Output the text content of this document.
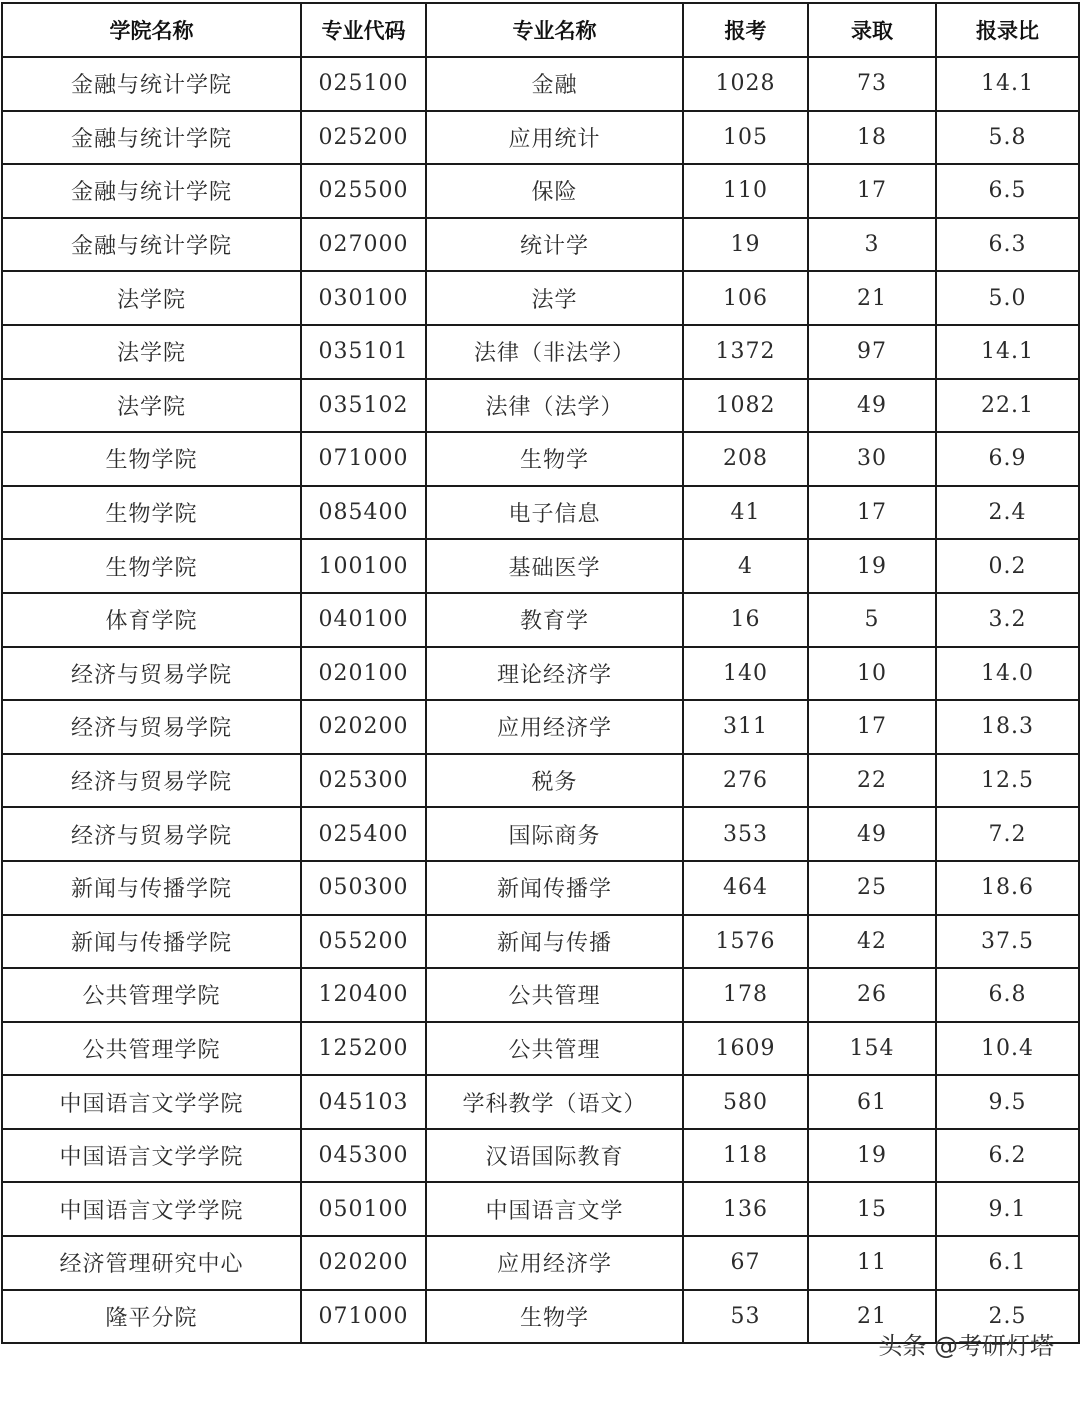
学院名称	专业代码	专业名称	报考	录取	报录比
金融与统计学院	025100	金融	1028	73	14.1
金融与统计学院	025200	应用统计	105	18	5.8
金融与统计学院	025500	保险	110	17	6.5
金融与统计学院	027000	统计学	19	3	6.3
法学院	030100	法学	106	21	5.0
法学院	035101	法律（非法学）	1372	97	14.1
法学院	035102	法律（法学）	1082	49	22.1
生物学院	071000	生物学	208	30	6.9
生物学院	085400	电子信息	41	17	2.4
生物学院	100100	基础医学	4	19	0.2
体育学院	040100	教育学	16	5	3.2
经济与贸易学院	020100	理论经济学	140	10	14.0
经济与贸易学院	020200	应用经济学	311	17	18.3
经济与贸易学院	025300	税务	276	22	12.5
经济与贸易学院	025400	国际商务	353	49	7.2
新闻与传播学院	050300	新闻传播学	464	25	18.6
新闻与传播学院	055200	新闻与传播	1576	42	37.5
公共管理学院	120400	公共管理	178	26	6.8
公共管理学院	125200	公共管理	1609	154	10.4
中国语言文学学院	045103	学科教学（语文）	580	61	9.5
中国语言文学学院	045300	汉语国际教育	118	19	6.2
中国语言文学学院	050100	中国语言文学	136	15	9.1
经济管理研究中心	020200	应用经济学	67	11	6.1
隆平分院	071000	生物学	53	21	2.5
头条 @考研灯塔
